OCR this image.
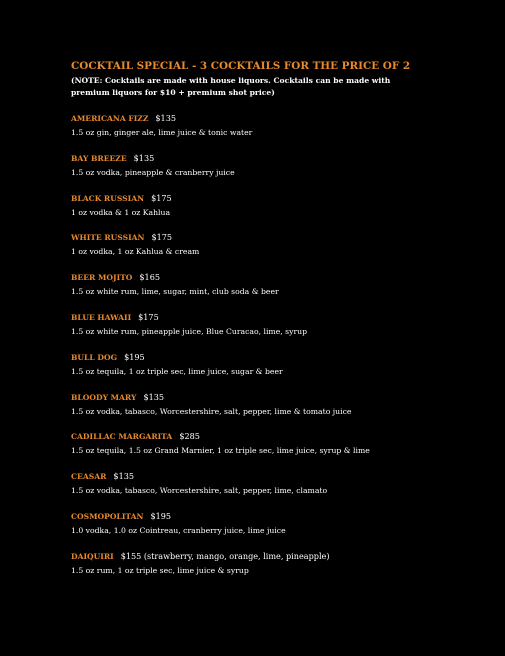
COCKTAIL SPECIAL - 3 COCKTAILS FOR THE PRICE OF 2
(NOTE: Cocktails are made with house liquors. Cocktails can be made with
premium liquors for $10 + premium shot price)
AMERICANA FIZZ $135
1.5 oz gin, ginger ale, lime juice & tonic water
BAY BREEZE $135
1.5 oz vodka, pineapple & cranberry juice
BLACK RUSSIAN $175
1 oz vodka & 1 oz Kahlua
WHITE RUSSIAN $175
1 oz vodka, 1 oz Kahlua & cream
BEER MOJITO $165
1.5 oz white rum, lime, sugar, mint, club soda & beer
BLUE HAWAII $175
1.5 oz white rum, pineapple juice, Blue Curacao, lime, syrup
BULL DOG $195
1.5 oz tequila, 1 oz triple sec, lime juice, sugar & beer
BLOODY MARY $135
1.5 oz vodka, tabasco, Worcestershire, salt, pepper, lime & tomato juice
CADILLAC MARGARITA $285
1.5 oz tequila, 1.5 oz Grand Marnier, 1 oz triple sec, lime juice, syrup & lime
CEASAR $135
1.5 oz vodka, tabasco, Worcestershire, salt, pepper, lime, clamato
COSMOPOLITAN $195
1.0 vodka, 1.0 oz Cointreau, cranberry juice, lime juice
DAIQUIRI $155 (strawberry, mango, orange, lime, pineapple)
1.5 oz rum, 1 oz triple sec, lime juice & syrup
